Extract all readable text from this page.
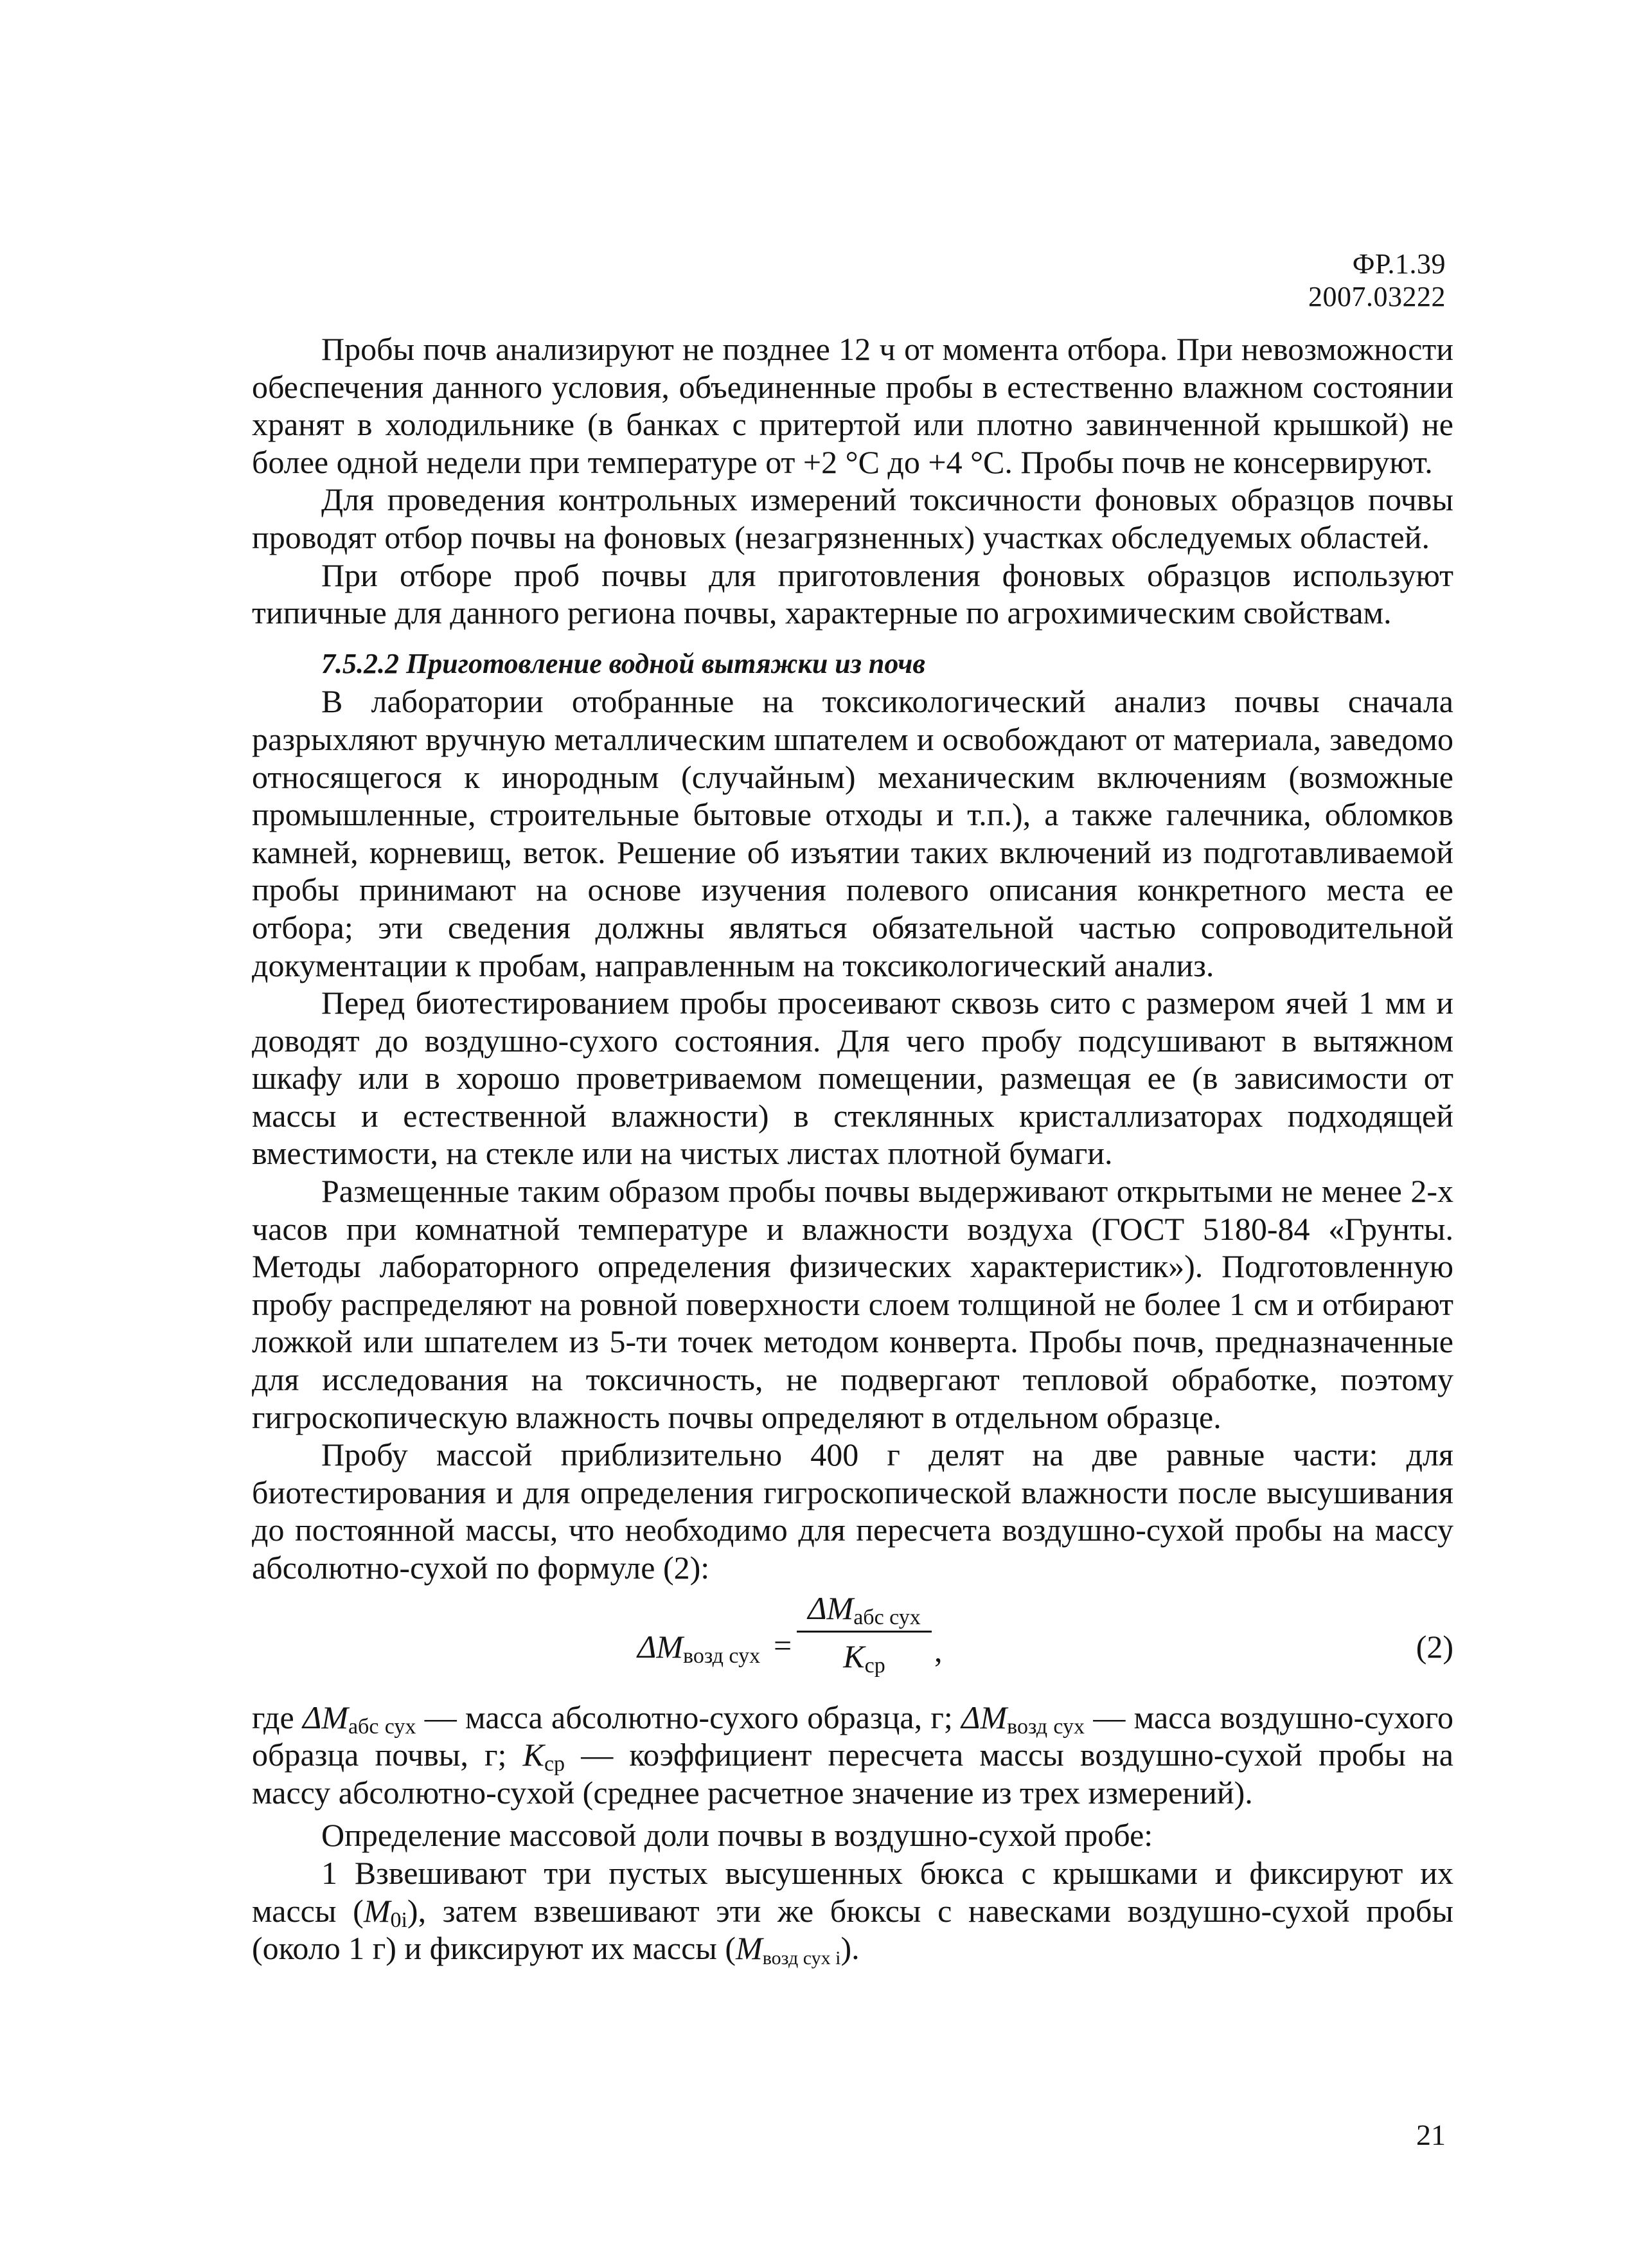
ФР.1.39 2007.03222

Пробы почв анализируют не позднее 12 ч от момента отбора. При невозможности обеспечения данного условия, объединенные пробы в естественно влажном состоянии хранят в холодильнике (в банках с притертой или плотно завинченной крышкой) не более одной недели при температуре от +2 °С до +4 °С. Пробы почв не консервируют.

Для проведения контрольных измерений токсичности фоновых образцов почвы проводят отбор почвы на фоновых (незагрязненных) участках обследуемых областей.

При отборе проб почвы для приготовления фоновых образцов используют типичные для данного региона почвы, характерные по агрохимическим свойствам.

7.5.2.2 Приготовление водной вытяжки из почв

В лаборатории отобранные на токсикологический анализ почвы сначала разрыхляют вручную металлическим шпателем и освобождают от материала, заведомо относящегося к инородным (случайным) механическим включениям (возможные промышленные, строительные бытовые отходы и т.п.), а также галечника, обломков камней, корневищ, веток. Решение об изъятии таких включений из подготавливаемой пробы принимают на основе изучения полевого описания конкретного места ее отбора; эти сведения должны являться обязательной частью сопроводительной документации к пробам, направленным на токсикологический анализ.

Перед биотестированием пробы просеивают сквозь сито с размером ячей 1 мм и доводят до воздушно-сухого состояния. Для чего пробу подсушивают в вытяжном шкафу или в хорошо проветриваемом помещении, размещая ее (в зависимости от массы и естественной влажности) в стеклянных кристаллизаторах подходящей вместимости, на стекле или на чистых листах плотной бумаги.

Размещенные таким образом пробы почвы выдерживают открытыми не менее 2-х часов при комнатной температуре и влажности воздуха (ГОСТ 5180-84 «Грунты. Методы лабораторного определения физических характеристик»). Подготовленную пробу распределяют на ровной поверхности слоем толщиной не более 1 см и отбирают ложкой или шпателем из 5-ти точек методом конверта. Пробы почв, предназначенные для исследования на токсичность, не подвергают тепловой обработке, поэтому гигроскопическую влажность почвы определяют в отдельном образце.

Пробу массой приблизительно 400 г делят на две равные части: для биотестирования и для определения гигроскопической влажности после высушивания до постоянной массы, что необходимо для пересчета воздушно-сухой пробы на массу абсолютно-сухой по формуле (2):

$\Delta M_{возд сух}$ =
$\Delta M_{абс сух}$
$K_{ср}$	,	(2)

где $\Delta M_{абс сух}$ — масса абсолютно-сухого образца, г; $\Delta M_{возд сух}$ — масса воздушно-сухого образца почвы, г; $K_{ср}$ — коэффициент пересчета массы воздушно-сухой пробы на массу абсолютно-сухой (среднее расчетное значение из трех измерений).

Определение массовой доли почвы в воздушно-сухой пробе:

1 Взвешивают три пустых высушенных бюкса с крышками и фиксируют их массы $(M_{0i})$, затем взвешивают эти же бюксы с навесками воздушно-сухой пробы (около 1 г) и фиксируют их массы $(M_{возд сух i})$.

21
